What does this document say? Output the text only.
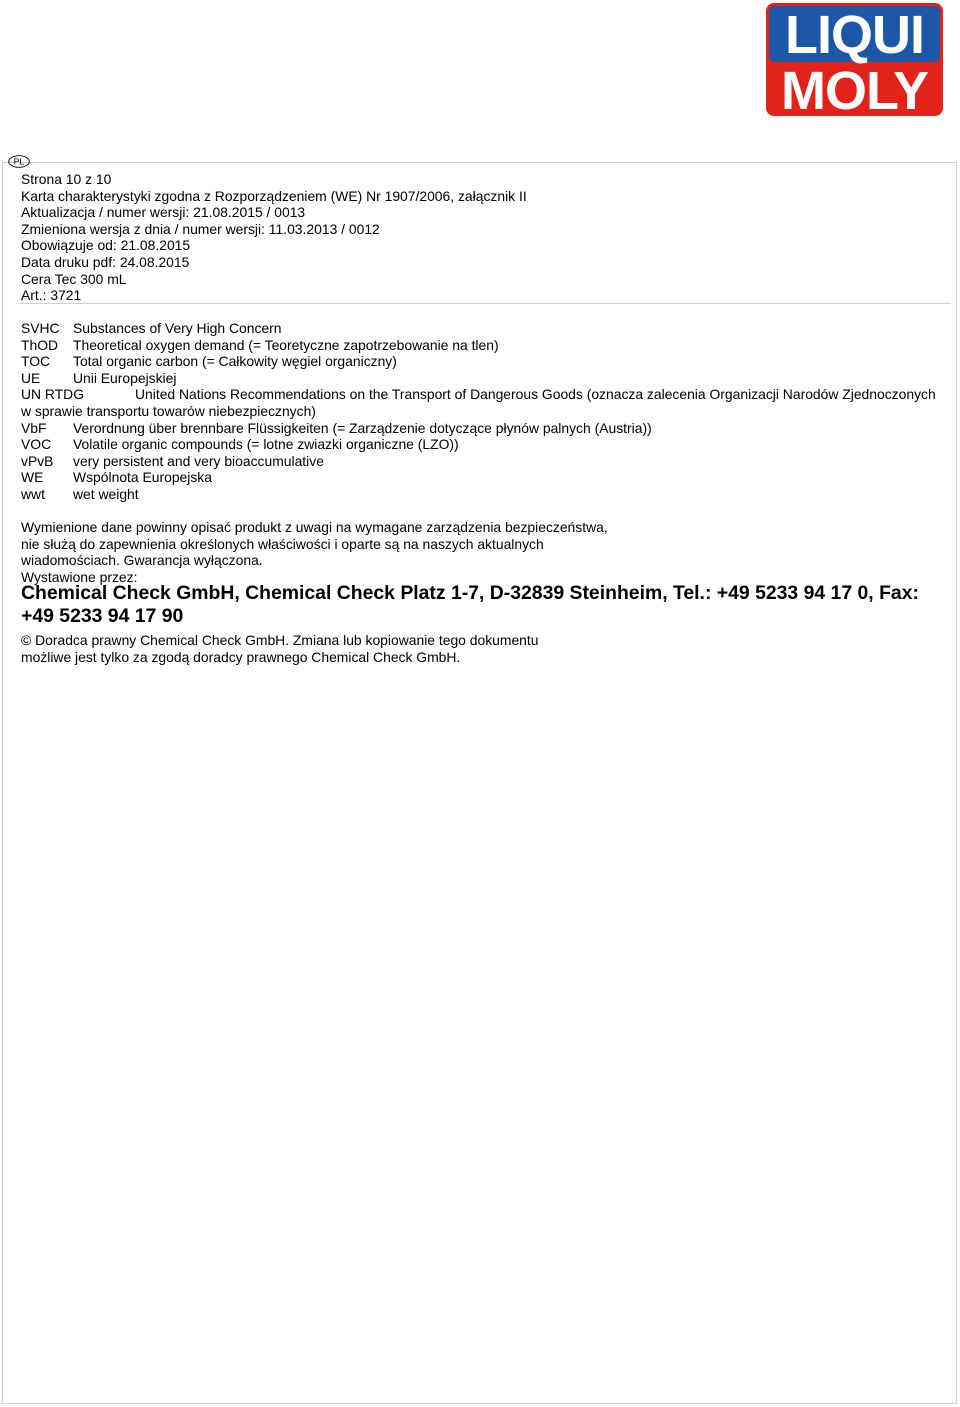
LIQUI
MOLY
PL
Strona 10 z 10
Karta charakterystyki zgodna z Rozporządzeniem (WE) Nr 1907/2006, załącznik II
Aktualizacja / numer wersji: 21.08.2015 / 0013
Zmieniona wersja z dnia / numer wersji: 11.03.2013 / 0012
Obowiązuje od: 21.08.2015
Data druku pdf: 24.08.2015
Cera Tec 300 mL
Art.: 3721
SVHC Substances of Very High Concern
ThOD Theoretical oxygen demand (= Teoretyczne zapotrzebowanie na tlen)
TOC Total organic carbon (= Całkowity węgiel organiczny)
UE Unii Europejskiej
UN RTDG	United Nations Recommendations on the Transport of Dangerous Goods (oznacza zalecenia Organizacji Narodów Zjednoczonych w sprawie transportu towarów niebezpiecznych)
VbF Verordnung über brennbare Flüssigkeiten (= Zarządzenie dotyczące płynów palnych (Austria))
VOC Volatile organic compounds (= lotne zwiazki organiczne (LZO))
vPvB very persistent and very bioaccumulative
WE Wspólnota Europejska
wwt wet weight
Wymienione dane powinny opisać produkt z uwagi na wymagane zarządzenia bezpieczeństwa,
nie służą do zapewnienia określonych właściwości i oparte są na naszych aktualnych
wiadomościach. Gwarancja wyłączona.
Wystawione przez:
Chemical Check GmbH, Chemical Check Platz 1-7, D-32839 Steinheim, Tel.: +49 5233 94 17 0, Fax: +49 5233 94 17 90
© Doradca prawny Chemical Check GmbH. Zmiana lub kopiowanie tego dokumentu
możliwe jest tylko za zgodą doradcy prawnego Chemical Check GmbH.
